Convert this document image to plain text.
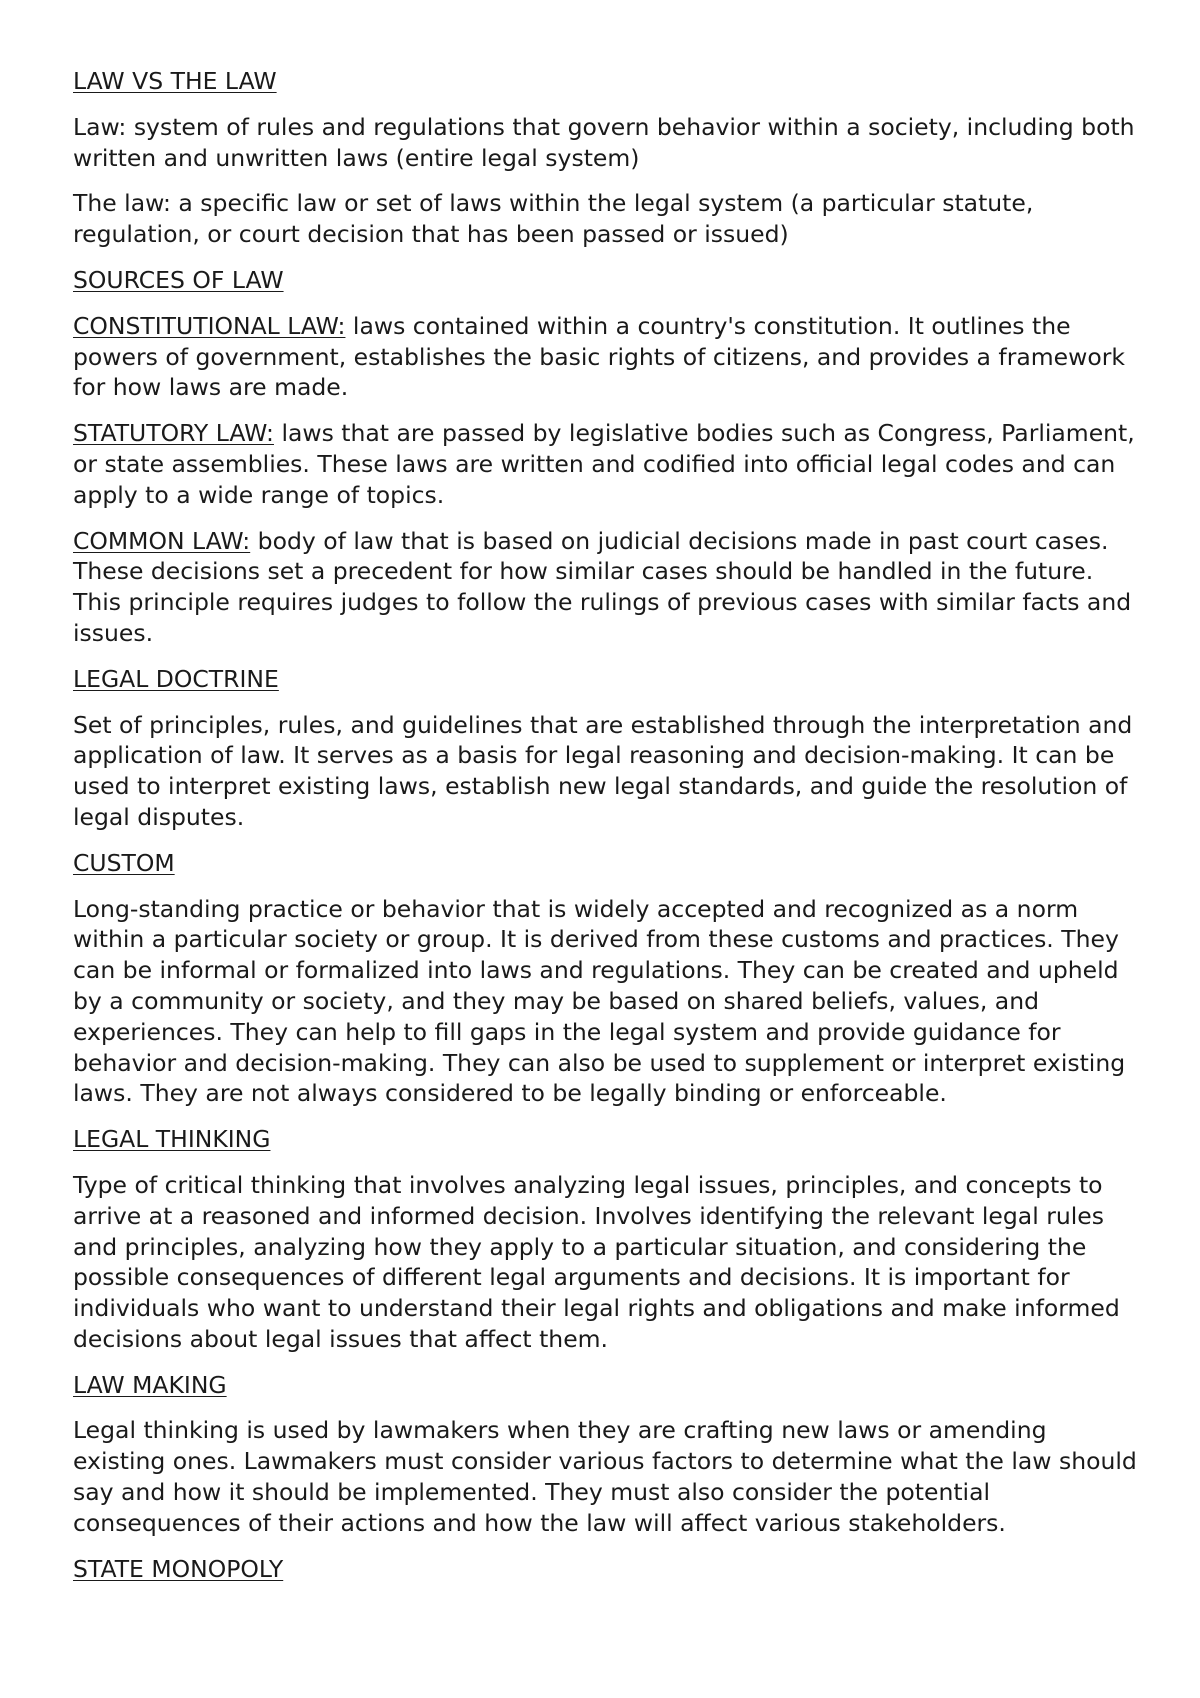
LAW VS THE LAW
Law: system of rules and regulations that govern behavior within a society, including both written and unwritten laws (entire legal system)
The law: a specific law or set of laws within the legal system (a particular statute, regulation, or court decision that has been passed or issued)
SOURCES OF LAW
CONSTITUTIONAL LAW: laws contained within a country's constitution. It outlines the powers of government, establishes the basic rights of citizens, and provides a framework for how laws are made.
STATUTORY LAW: laws that are passed by legislative bodies such as Congress, Parliament, or state assemblies. These laws are written and codified into official legal codes and can apply to a wide range of topics.
COMMON LAW: body of law that is based on judicial decisions made in past court cases. These decisions set a precedent for how similar cases should be handled in the future. This principle requires judges to follow the rulings of previous cases with similar facts and issues.
LEGAL DOCTRINE
Set of principles, rules, and guidelines that are established through the interpretation and application of law. It serves as a basis for legal reasoning and decision-making. It can be used to interpret existing laws, establish new legal standards, and guide the resolution of legal disputes.
CUSTOM
Long-standing practice or behavior that is widely accepted and recognized as a norm within a particular society or group. It is derived from these customs and practices. They can be informal or formalized into laws and regulations. They can be created and upheld by a community or society, and they may be based on shared beliefs, values, and experiences. They can help to fill gaps in the legal system and provide guidance for behavior and decision-making. They can also be used to supplement or interpret existing laws. They are not always considered to be legally binding or enforceable.
LEGAL THINKING
Type of critical thinking that involves analyzing legal issues, principles, and concepts to arrive at a reasoned and informed decision. Involves identifying the relevant legal rules and principles, analyzing how they apply to a particular situation, and considering the possible consequences of different legal arguments and decisions. It is important for individuals who want to understand their legal rights and obligations and make informed decisions about legal issues that affect them.
LAW MAKING
Legal thinking is used by lawmakers when they are crafting new laws or amending existing ones. Lawmakers must consider various factors to determine what the law should say and how it should be implemented. They must also consider the potential consequences of their actions and how the law will affect various stakeholders.
STATE MONOPOLY
